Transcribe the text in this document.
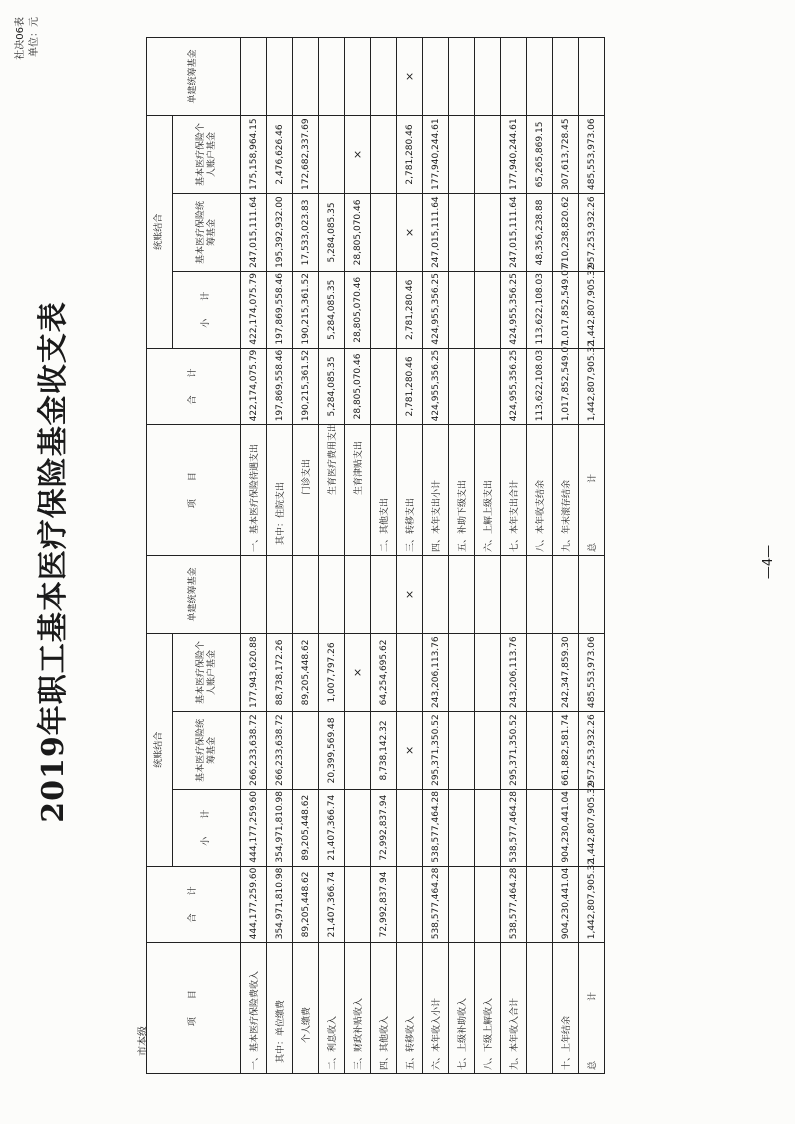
2019年职工基本医疗保险基金收支表
社决06表 单位：元
市本级
项　　目	合　　计	统账结合			单建统筹基金	项　　目	合　　计	统账结合			单建统筹基金
		小　　计	基本医疗保险统筹基金	基本医疗保险个人账户基金				小　　计	基本医疗保险统筹基金	基本医疗保险个人账户基金	
一、基本医疗保险费收入	444,177,259.60	444,177,259.60	266,233,638.72	177,943,620.88		一、基本医疗保险待遇支出	422,174,075.79	422,174,075.79	247,015,111.64	175,158,964.15	
其中：单位缴费	354,971,810.98	354,971,810.98	266,233,638.72	88,738,172.26		其中：住院支出	197,869,558.46	197,869,558.46	195,392,932.00	2,476,626.46	
个人缴费	89,205,448.62	89,205,448.62		89,205,448.62		门诊支出	190,215,361.52	190,215,361.52	17,533,023.83	172,682,337.69	
二、利息收入	21,407,366.74	21,407,366.74	20,399,569.48	1,007,797.26		生育医疗费用支出	5,284,085.35	5,284,085.35	5,284,085.35		
三、财政补贴收入				×		生育津贴支出	28,805,070.46	28,805,070.46	28,805,070.46	×	
四、其他收入	72,992,837.94	72,992,837.94	8,738,142.32	64,254,695.62		二、其他支出					
五、转移收入			×		×	三、转移支出	2,781,280.46	2,781,280.46	×	2,781,280.46	×
六、本年收入小计	538,577,464.28	538,577,464.28	295,371,350.52	243,206,113.76		四、本年支出小计	424,955,356.25	424,955,356.25	247,015,111.64	177,940,244.61	
七、上级补助收入						五、补助下级支出					
八、下级上解收入						六、上解上级支出					
九、本年收入合计	538,577,464.28	538,577,464.28	295,371,350.52	243,206,113.76		七、本年支出合计	424,955,356.25	424,955,356.25	247,015,111.64	177,940,244.61	
						八、本年收支结余	113,622,108.03	113,622,108.03	48,356,238.88	65,265,869.15	
十、上年结余	904,230,441.04	904,230,441.04	661,882,581.74	242,347,859.30		九、年末滚存结余	1,017,852,549.07	1,017,852,549.07	710,238,820.62	307,613,728.45	
总　　计	1,442,807,905.32	1,442,807,905.32	957,253,932.26	485,553,973.06		总　　计	1,442,807,905.32	1,442,807,905.32	957,253,932.26	485,553,973.06	
—4—
